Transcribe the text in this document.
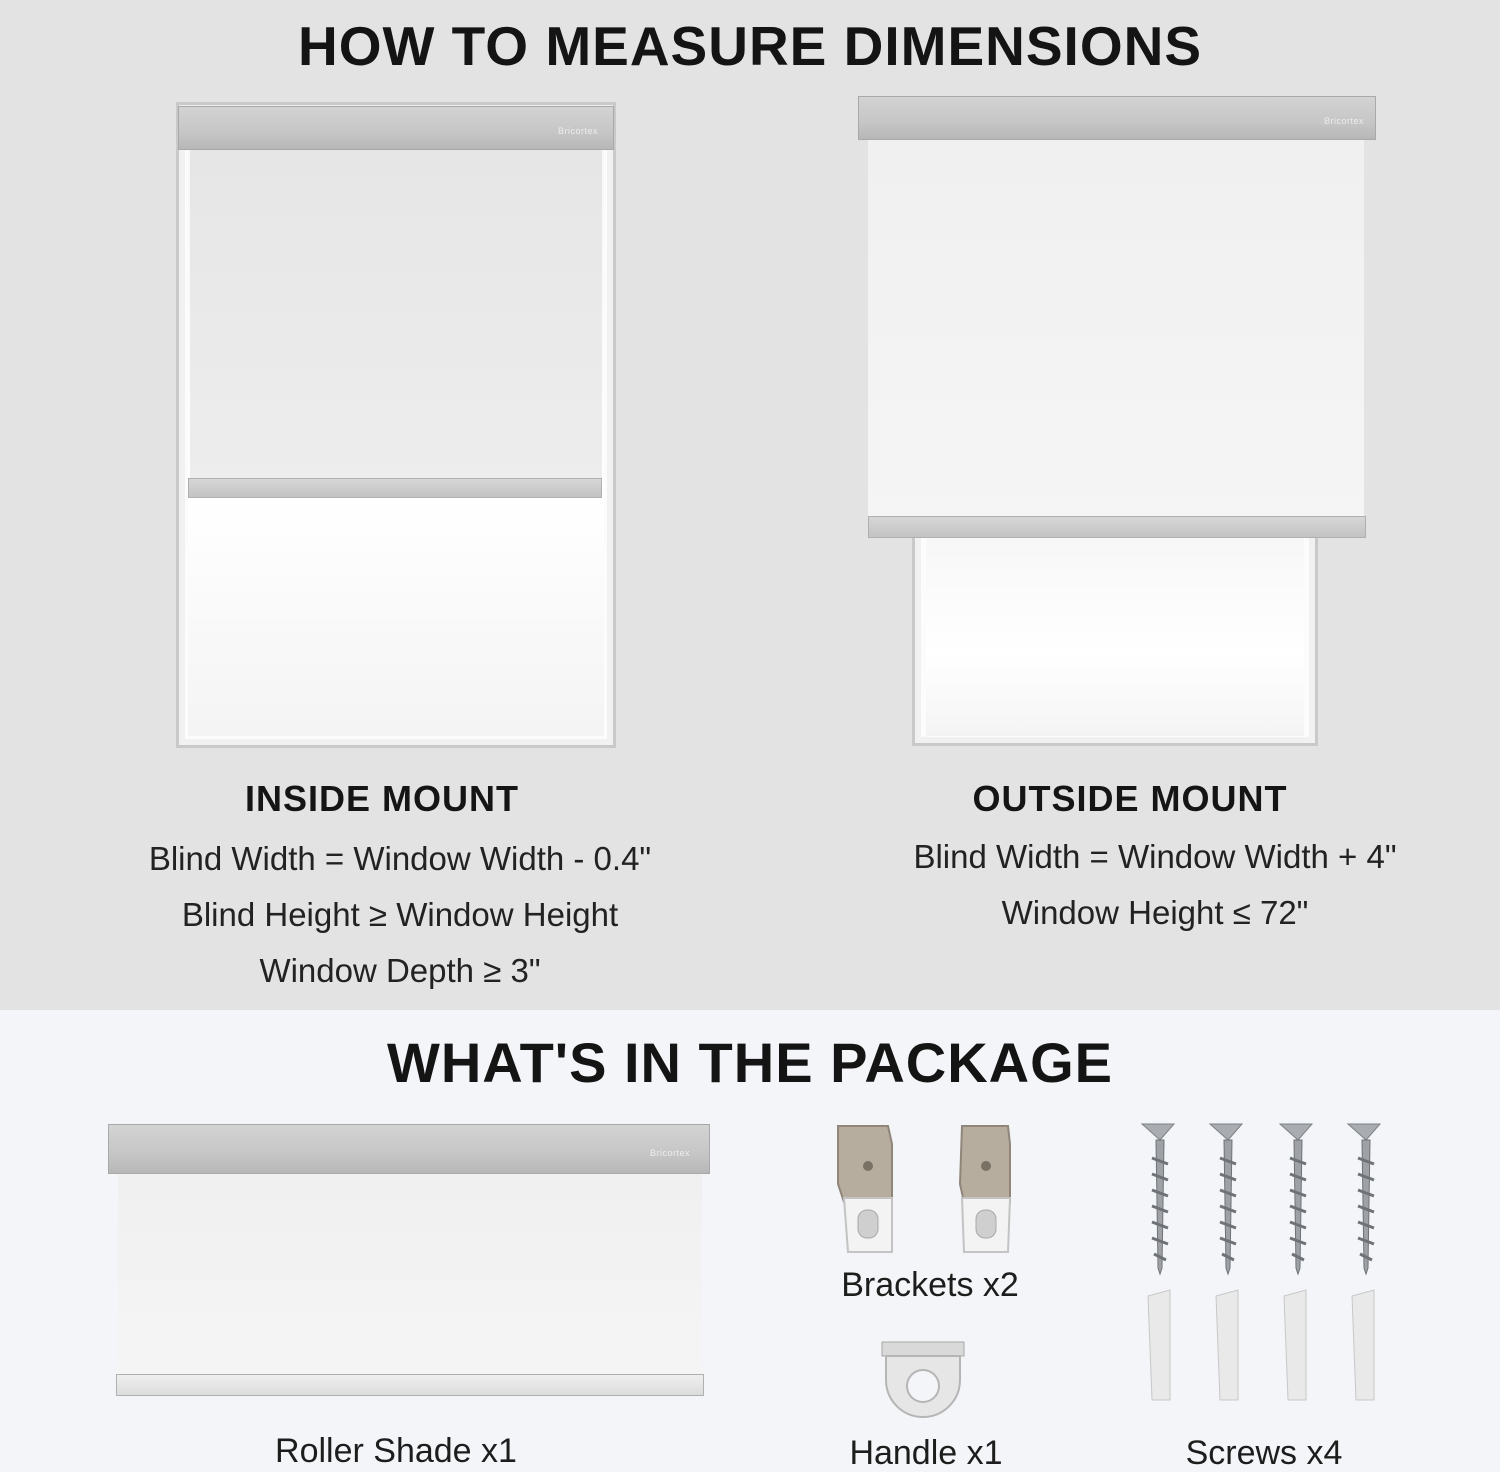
HOW TO MEASURE DIMENSIONS
Bricortex
Bricortex
INSIDE MOUNT
Blind Width = Window Width - 0.4"
Blind Height ≥ Window Height
Window Depth ≥ 3"
OUTSIDE MOUNT
Blind Width = Window Width + 4"
Window Height ≤ 72"
WHAT'S IN THE PACKAGE
Bricortex
Roller Shade x1
Brackets x2
Handle x1	Screws x4
